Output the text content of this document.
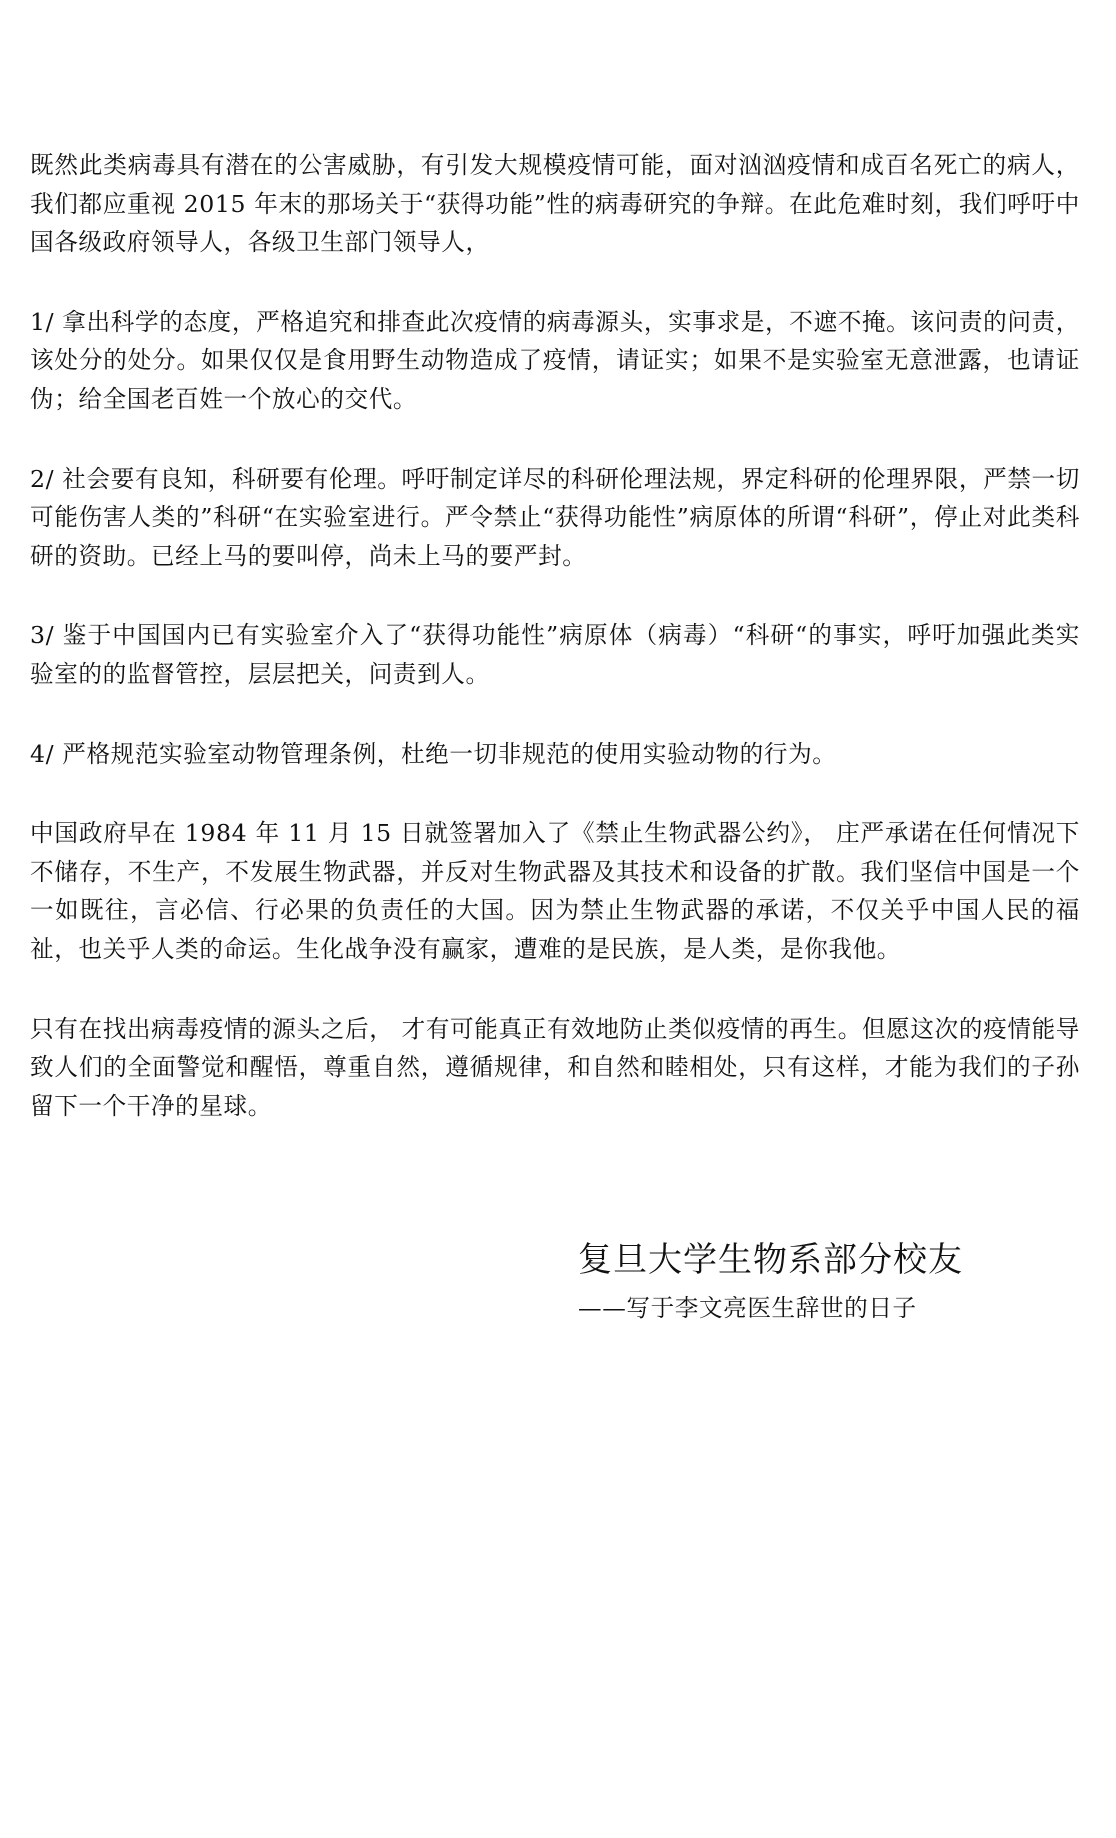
既然此类病毒具有潜在的公害威胁，有引发大规模疫情可能，面对汹汹疫情和成百名死亡的病人，我们都应重视 2015 年末的那场关于“获得功能”性的病毒研究的争辩。在此危难时刻，我们呼吁中国各级政府领导人，各级卫生部门领导人，

1/ 拿出科学的态度，严格追究和排查此次疫情的病毒源头，实事求是，不遮不掩。该问责的问责，该处分的处分。如果仅仅是食用野生动物造成了疫情，请证实；如果不是实验室无意泄露，也请证伪；给全国老百姓一个放心的交代。

2/ 社会要有良知，科研要有伦理。呼吁制定详尽的科研伦理法规，界定科研的伦理界限，严禁一切可能伤害人类的”科研“在实验室进行。严令禁止“获得功能性”病原体的所谓“科研”，停止对此类科研的资助。已经上马的要叫停，尚未上马的要严封。

3/ 鉴于中国国内已有实验室介入了“获得功能性”病原体（病毒）“科研“的事实，呼吁加强此类实验室的的监督管控，层层把关，问责到人。

4/ 严格规范实验室动物管理条例，杜绝一切非规范的使用实验动物的行为。

中国政府早在 1984 年 11 月 15 日就签署加入了《禁止生物武器公约》， 庄严承诺在任何情况下不储存，不生产，不发展生物武器，并反对生物武器及其技术和设备的扩散。我们坚信中国是一个一如既往，言必信、行必果的负责任的大国。因为禁止生物武器的承诺，不仅关乎中国人民的福祉，也关乎人类的命运。生化战争没有赢家，遭难的是民族，是人类，是你我他。

只有在找出病毒疫情的源头之后， 才有可能真正有效地防止类似疫情的再生。但愿这次的疫情能导致人们的全面警觉和醒悟，尊重自然，遵循规律，和自然和睦相处，只有这样，才能为我们的子孙留下一个干净的星球。

复旦大学生物系部分校友

——写于李文亮医生辞世的日子
